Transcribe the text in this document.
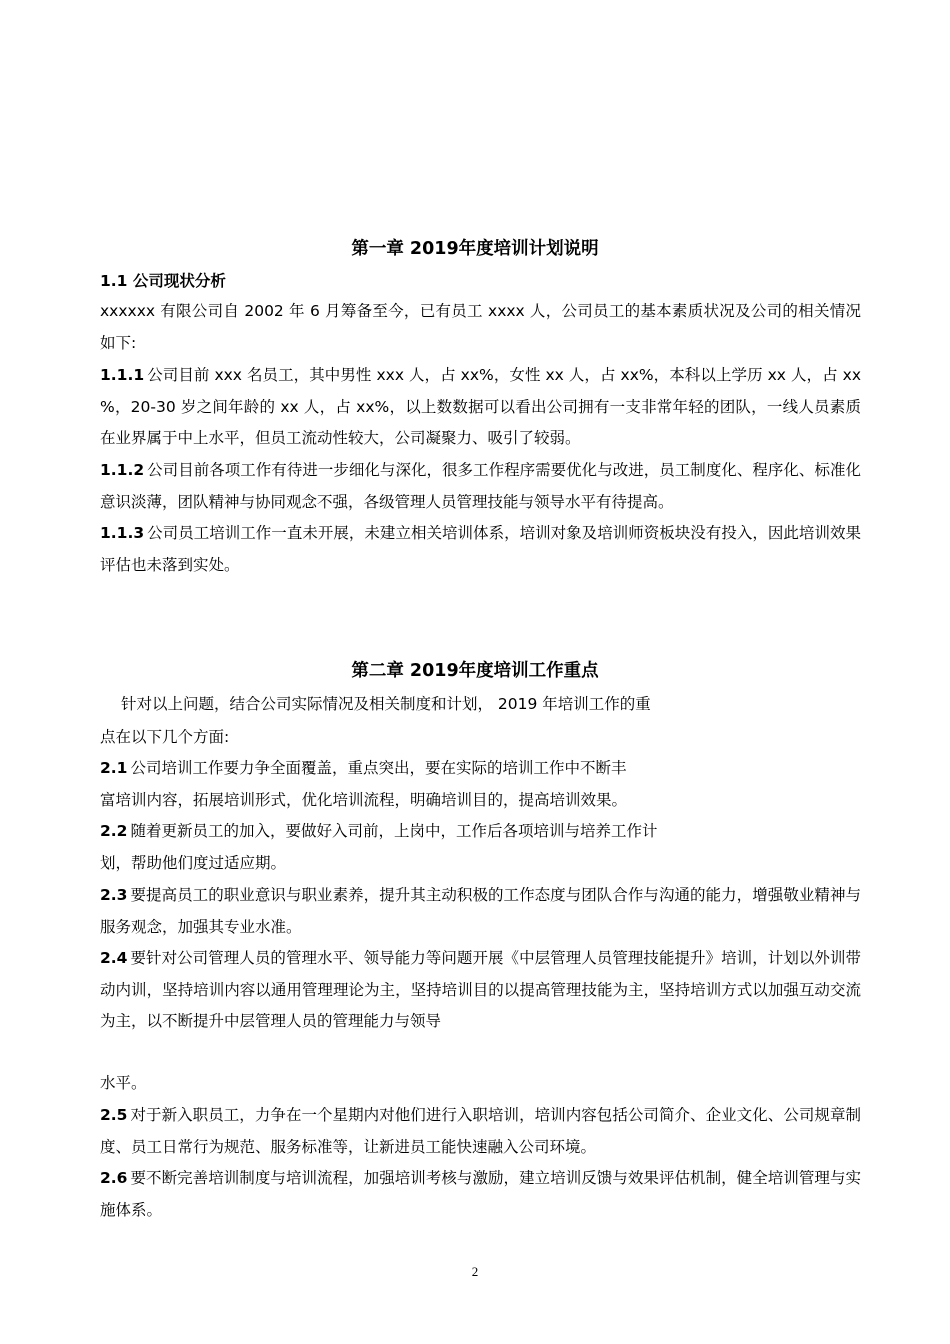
第一章 2019年度培训计划说明
1.1 公司现状分析
xxxxxx 有限公司自 2002 年 6 月筹备至今，已有员工 xxxx 人，公司员工的基本素质状况及公司的相关情况如下:
1.1.1 公司目前 xxx 名员工，其中男性 xxx 人，占 xx%，女性 xx 人，占 xx%，本科以上学历 xx 人，占 xx %，20-30 岁之间年龄的 xx 人，占 xx%，以上数数据可以看出公司拥有一支非常年轻的团队，一线人员素质在业界属于中上水平，但员工流动性较大，公司凝聚力、吸引了较弱。
1.1.2 公司目前各项工作有待进一步细化与深化，很多工作程序需要优化与改进，员工制度化、程序化、标准化意识淡薄，团队精神与协同观念不强，各级管理人员管理技能与领导水平有待提高。
1.1.3 公司员工培训工作一直未开展，未建立相关培训体系，培训对象及培训师资板块没有投入，因此培训效果评估也未落到实处。
第二章 2019年度培训工作重点
针对以上问题，结合公司实际情况及相关制度和计划， 2019 年培训工作的重
点在以下几个方面:
2.1 公司培训工作要力争全面覆盖，重点突出，要在实际的培训工作中不断丰
富培训内容，拓展培训形式，优化培训流程，明确培训目的，提高培训效果。
2.2 随着更新员工的加入，要做好入司前，上岗中，工作后各项培训与培养工作计
划，帮助他们度过适应期。
2.3 要提高员工的职业意识与职业素养，提升其主动积极的工作态度与团队合作与沟通的能力，增强敬业精神与服务观念，加强其专业水准。
2.4 要针对公司管理人员的管理水平、领导能力等问题开展《中层管理人员管理技能提升》培训，计划以外训带动内训，坚持培训内容以通用管理理论为主，坚持培训目的以提高管理技能为主，坚持培训方式以加强互动交流为主，以不断提升中层管理人员的管理能力与领导
水平。
2.5 对于新入职员工，力争在一个星期内对他们进行入职培训，培训内容包括公司简介、企业文化、公司规章制度、员工日常行为规范、服务标准等，让新进员工能快速融入公司环境。
2.6 要不断完善培训制度与培训流程，加强培训考核与激励，建立培训反馈与效果评估机制，健全培训管理与实施体系。
2
